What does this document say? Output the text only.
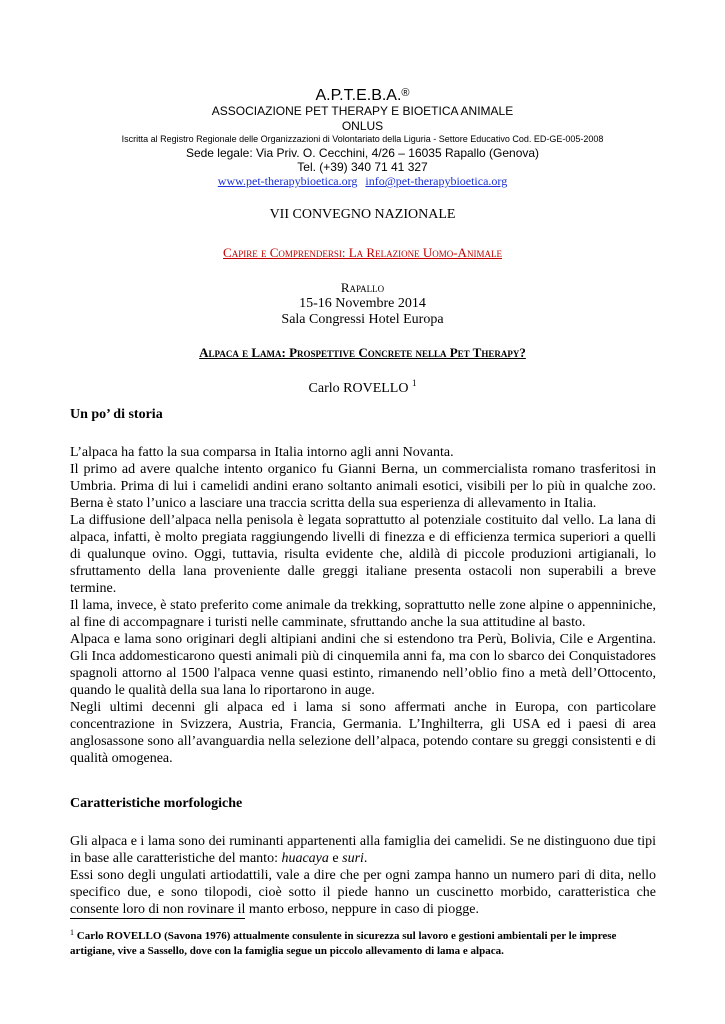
A.P.T.E.B.A.®
ASSOCIAZIONE PET THERAPY E BIOETICA ANIMALE
ONLUS
Iscritta al Registro Regionale delle Organizzazioni di Volontariato della Liguria - Settore Educativo Cod. ED-GE-005-2008
Sede legale: Via Priv. O. Cecchini, 4/26 – 16035 Rapallo (Genova)
Tel. (+39) 340 71 41 327
www.pet-therapybioetica.org info@pet-therapybioetica.org
VII CONVEGNO NAZIONALE
Capire e Comprendersi: La Relazione Uomo-Animale
Rapallo
15-16 Novembre 2014
Sala Congressi Hotel Europa
Alpaca e Lama: Prospettive Concrete nella Pet Therapy?
Carlo ROVELLO $^1$
Un po’ di storia

L’alpaca ha fatto la sua comparsa in Italia intorno agli anni Novanta.

Il primo ad avere qualche intento organico fu Gianni Berna, un commercialista romano trasferitosi in Umbria. Prima di lui i camelidi andini erano soltanto animali esotici, visibili per lo più in qualche zoo. Berna è stato l’unico a lasciare una traccia scritta della sua esperienza di allevamento in Italia.

La diffusione dell’alpaca nella penisola è legata soprattutto al potenziale costituito dal vello. La lana di alpaca, infatti, è molto pregiata raggiungendo livelli di finezza e di efficienza termica superiori a quelli di qualunque ovino. Oggi, tuttavia, risulta evidente che, aldilà di piccole produzioni artigianali, lo sfruttamento della lana proveniente dalle greggi italiane presenta ostacoli non superabili a breve termine.

Il lama, invece, è stato preferito come animale da trekking, soprattutto nelle zone alpine o appenniniche, al fine di accompagnare i turisti nelle camminate, sfruttando anche la sua attitudine al basto.

Alpaca e lama sono originari degli altipiani andini che si estendono tra Perù, Bolivia, Cile e Argentina. Gli Inca addomesticarono questi animali più di cinquemila anni fa, ma con lo sbarco dei Conquistadores spagnoli attorno al 1500 l'alpaca venne quasi estinto, rimanendo nell’oblio fino a metà dell’Ottocento, quando le qualità della sua lana lo riportarono in auge.

Negli ultimi decenni gli alpaca ed i lama si sono affermati anche in Europa, con particolare concentrazione in Svizzera, Austria, Francia, Germania. L’Inghilterra, gli USA ed i paesi di area anglosassone sono all’avanguardia nella selezione dell’alpaca, potendo contare su greggi consistenti e di qualità omogenea.

Caratteristiche morfologiche

Gli alpaca e i lama sono dei ruminanti appartenenti alla famiglia dei camelidi. Se ne distinguono due tipi in base alle caratteristiche del manto: huacaya e suri.

Essi sono degli ungulati artiodattili, vale a dire che per ogni zampa hanno un numero pari di dita, nello specifico due, e sono tilopodi, cioè sotto il piede hanno un cuscinetto morbido, caratteristica che consente loro di non rovinare il manto erboso, neppure in caso di piogge.

$^1$ Carlo ROVELLO (Savona 1976) attualmente consulente in sicurezza sul lavoro e gestioni ambientali per le imprese artigiane, vive a Sassello, dove con la famiglia segue un piccolo allevamento di lama e alpaca.
